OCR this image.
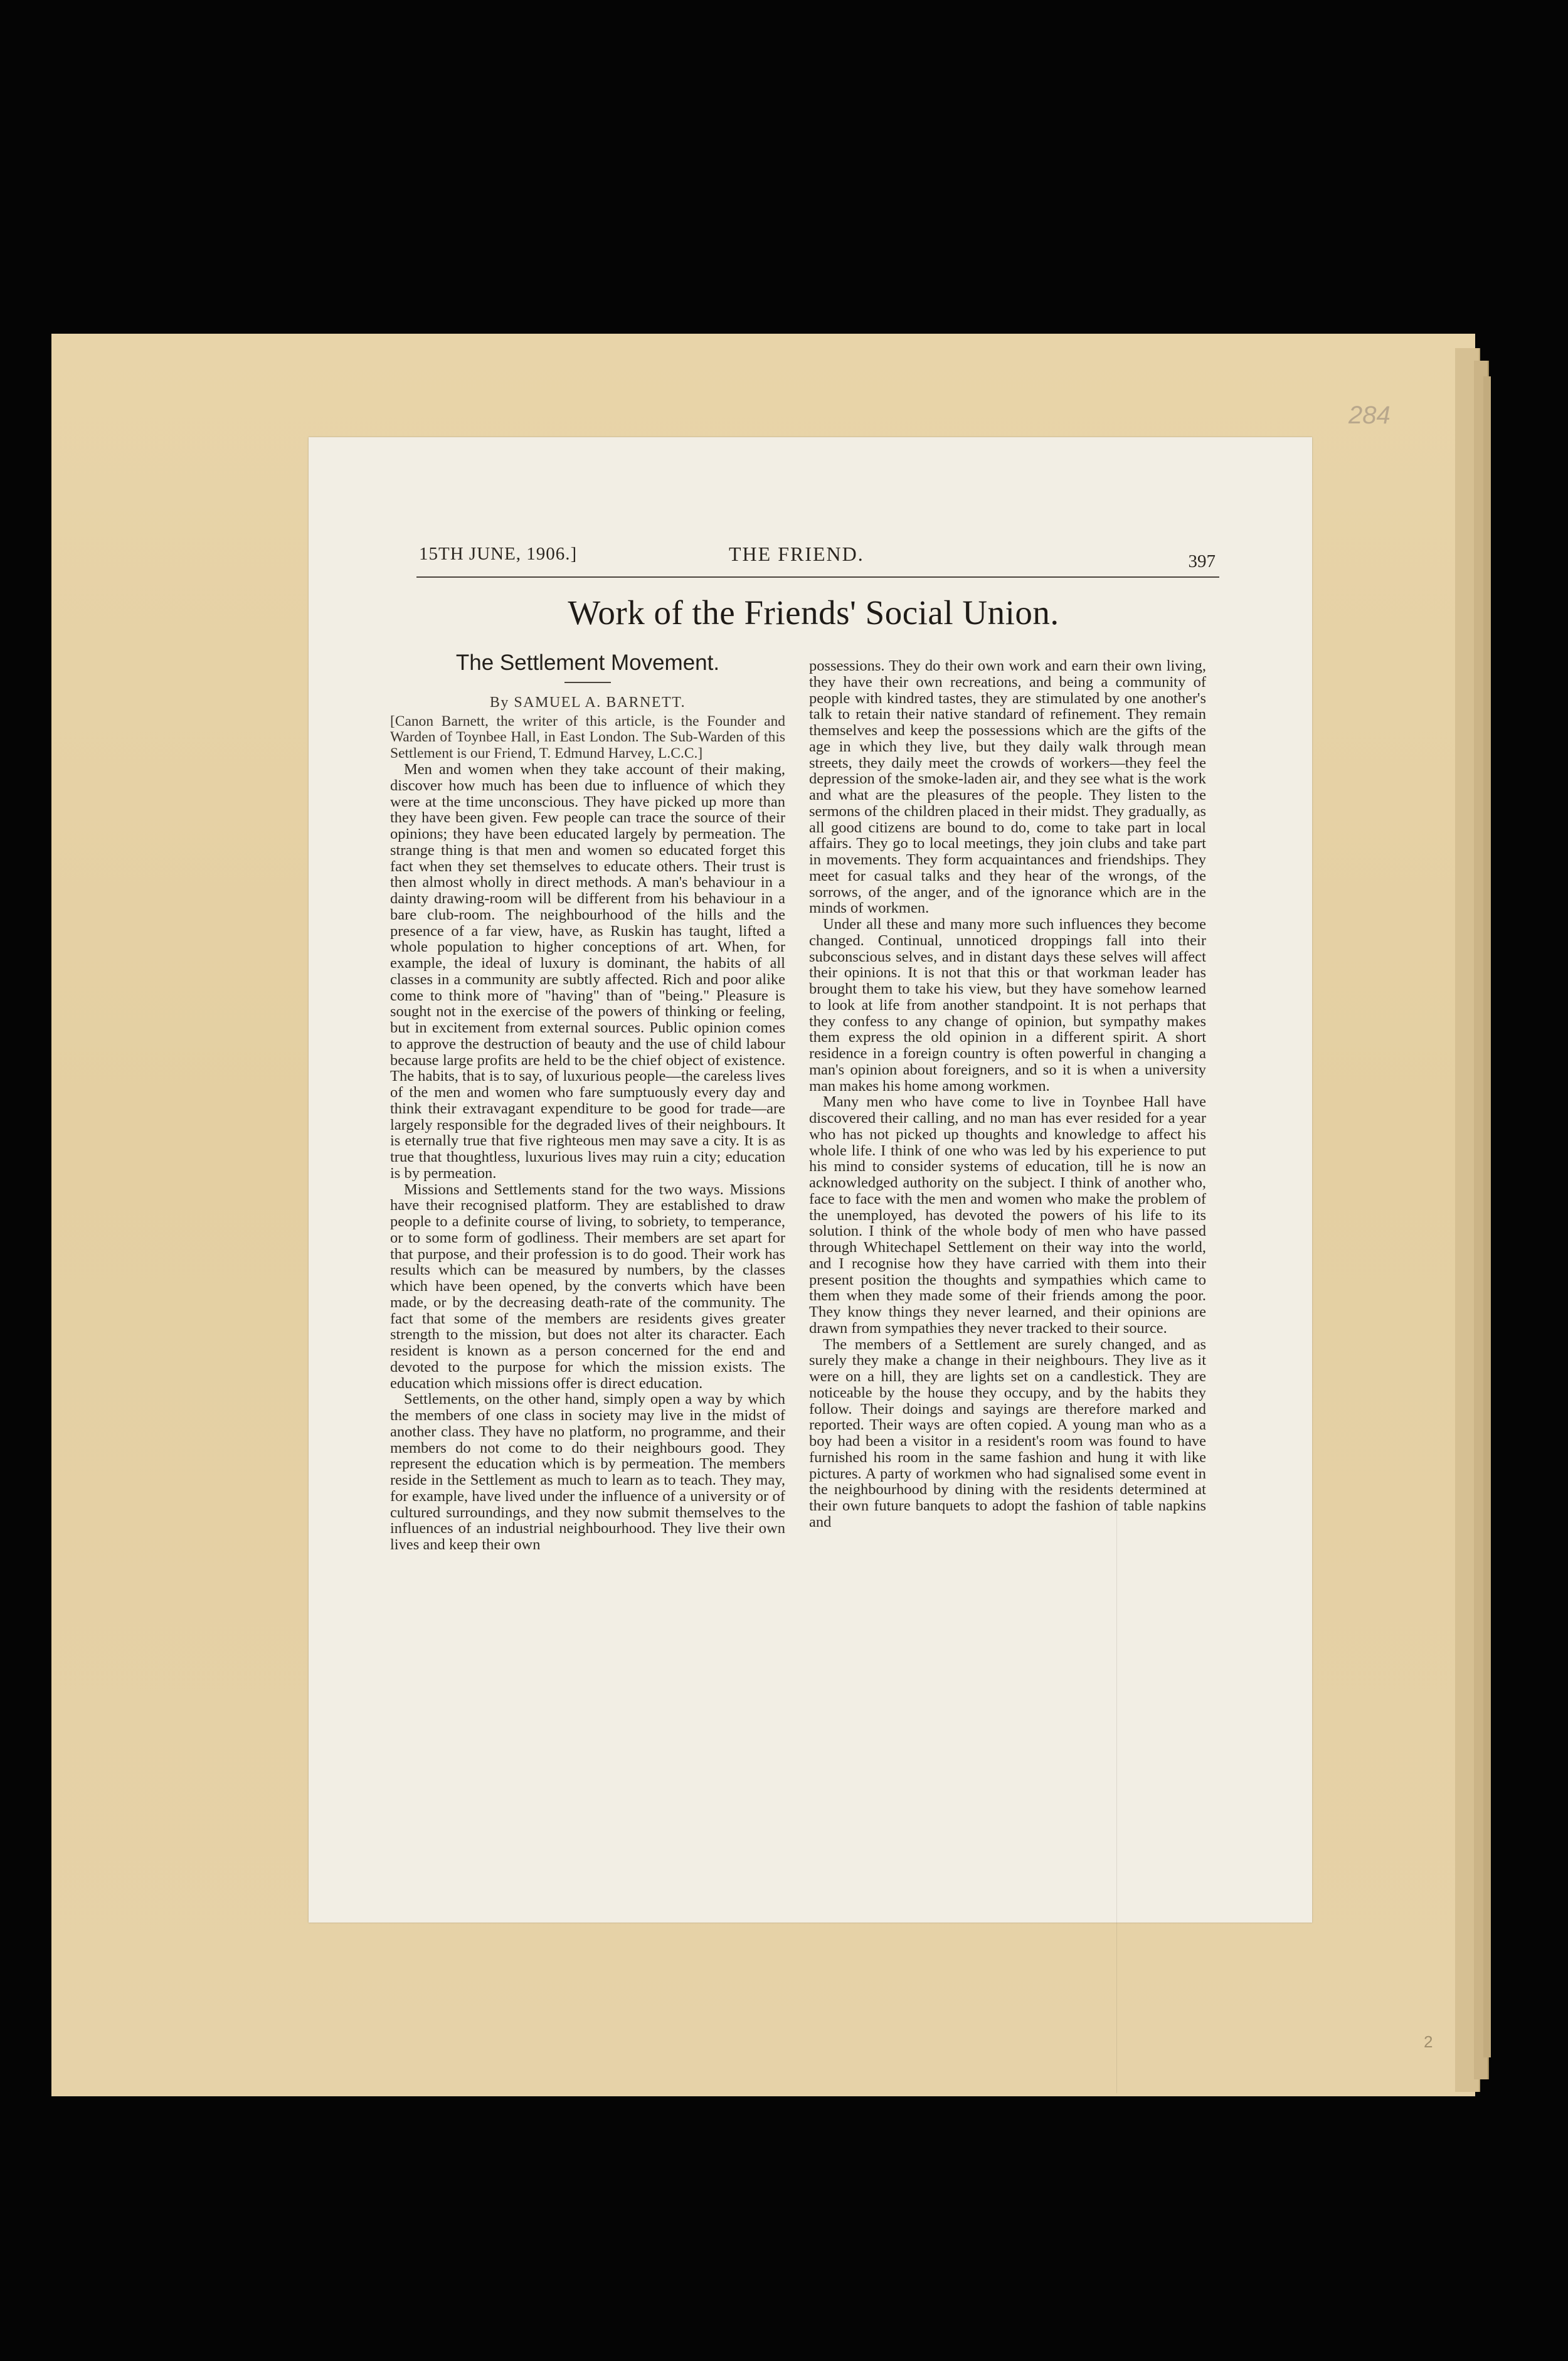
284
2
15TH JUNE, 1906.]	THE FRIEND.	397
Work of the Friends' Social Union.
The Settlement Movement.
By SAMUEL A. BARNETT.

[Canon Barnett, the writer of this article, is the Founder and Warden of Toynbee Hall, in East London. The Sub-Warden of this Settlement is our Friend, T. Edmund Harvey, L.C.C.]

Men and women when they take account of their making, discover how much has been due to influence of which they were at the time unconscious. They have picked up more than they have been given. Few people can trace the source of their opinions; they have been educated largely by permeation. The strange thing is that men and women so educated forget this fact when they set themselves to educate others. Their trust is then almost wholly in direct methods. A man's behaviour in a dainty drawing-room will be different from his behaviour in a bare club-room. The neighbourhood of the hills and the presence of a far view, have, as Ruskin has taught, lifted a whole population to higher conceptions of art. When, for example, the ideal of luxury is dominant, the habits of all classes in a community are subtly affected. Rich and poor alike come to think more of "having" than of "being." Pleasure is sought not in the exercise of the powers of thinking or feeling, but in excitement from external sources. Public opinion comes to approve the destruction of beauty and the use of child labour because large profits are held to be the chief object of existence. The habits, that is to say, of luxurious people—the careless lives of the men and women who fare sumptuously every day and think their extravagant expenditure to be good for trade—are largely responsible for the degraded lives of their neighbours. It is eternally true that five righteous men may save a city. It is as true that thoughtless, luxurious lives may ruin a city; education is by permeation.

Missions and Settlements stand for the two ways. Missions have their recognised platform. They are established to draw people to a definite course of living, to sobriety, to temperance, or to some form of godliness. Their members are set apart for that purpose, and their profession is to do good. Their work has results which can be measured by numbers, by the classes which have been opened, by the converts which have been made, or by the decreasing death-rate of the community. The fact that some of the members are residents gives greater strength to the mission, but does not alter its character. Each resident is known as a person concerned for the end and devoted to the purpose for which the mission exists. The education which missions offer is direct education.

Settlements, on the other hand, simply open a way by which the members of one class in society may live in the midst of another class. They have no platform, no programme, and their members do not come to do their neighbours good. They represent the education which is by permeation. The members reside in the Settlement as much to learn as to teach. They may, for example, have lived under the influence of a university or of cultured surroundings, and they now submit themselves to the influences of an industrial neighbourhood. They live their own lives and keep their own

possessions. They do their own work and earn their own living, they have their own recreations, and being a community of people with kindred tastes, they are stimulated by one another's talk to retain their native standard of refinement. They remain themselves and keep the possessions which are the gifts of the age in which they live, but they daily walk through mean streets, they daily meet the crowds of workers—they feel the depression of the smoke-laden air, and they see what is the work and what are the pleasures of the people. They listen to the sermons of the children placed in their midst. They gradually, as all good citizens are bound to do, come to take part in local affairs. They go to local meetings, they join clubs and take part in movements. They form acquaintances and friendships. They meet for casual talks and they hear of the wrongs, of the sorrows, of the anger, and of the ignorance which are in the minds of workmen.

Under all these and many more such influences they become changed. Continual, unnoticed droppings fall into their subconscious selves, and in distant days these selves will affect their opinions. It is not that this or that workman leader has brought them to take his view, but they have somehow learned to look at life from another standpoint. It is not perhaps that they confess to any change of opinion, but sympathy makes them express the old opinion in a different spirit. A short residence in a foreign country is often powerful in changing a man's opinion about foreigners, and so it is when a university man makes his home among workmen.

Many men who have come to live in Toynbee Hall have discovered their calling, and no man has ever resided for a year who has not picked up thoughts and knowledge to affect his whole life. I think of one who was led by his experience to put his mind to consider systems of education, till he is now an acknowledged authority on the subject. I think of another who, face to face with the men and women who make the problem of the unemployed, has devoted the powers of his life to its solution. I think of the whole body of men who have passed through Whitechapel Settlement on their way into the world, and I recognise how they have carried with them into their present position the thoughts and sympathies which came to them when they made some of their friends among the poor. They know things they never learned, and their opinions are drawn from sympathies they never tracked to their source.

The members of a Settlement are surely changed, and as surely they make a change in their neighbours. They live as it were on a hill, they are lights set on a candlestick. They are noticeable by the house they occupy, and by the habits they follow. Their doings and sayings are therefore marked and reported. Their ways are often copied. A young man who as a boy had been a visitor in a resident's room was found to have furnished his room in the same fashion and hung it with like pictures. A party of workmen who had signalised some event in the neighbourhood by dining with the residents determined at their own future banquets to adopt the fashion of table napkins and
